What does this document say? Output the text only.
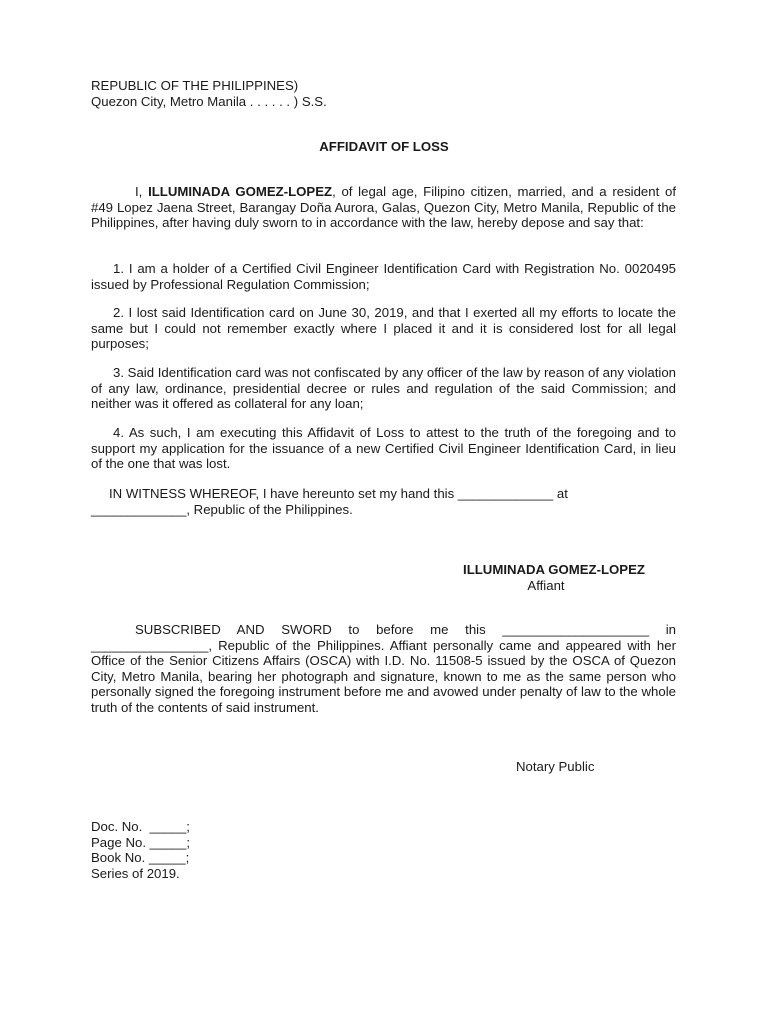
REPUBLIC OF THE PHILIPPINES)
Quezon City, Metro Manila . . . . . . ) S.S.
AFFIDAVIT OF LOSS

I, ILLUMINADA GOMEZ-LOPEZ, of legal age, Filipino citizen, married, and a resident of #49 Lopez Jaena Street, Barangay Doña Aurora, Galas, Quezon City, Metro Manila, Republic of the Philippines, after having duly sworn to in accordance with the law, hereby depose and say that:

1. I am a holder of a Certified Civil Engineer Identification Card with Registration No. 0020495 issued by Professional Regulation Commission;

2. I lost said Identification card on June 30, 2019, and that I exerted all my efforts to locate the same but I could not remember exactly where I placed it and it is considered lost for all legal purposes;

3. Said Identification card was not confiscated by any officer of the law by reason of any violation of any law, ordinance, presidential decree or rules and regulation of the said Commission; and neither was it offered as collateral for any loan;

4. As such, I am executing this Affidavit of Loss to attest to the truth of the foregoing and to support my application for the issuance of a new Certified Civil Engineer Identification Card, in lieu of the one that was lost.

IN WITNESS WHEREOF, I have hereunto set my hand this _____________ at _____________, Republic of the Philippines.

ILLUMINADA GOMEZ-LOPEZ
Affiant

SUBSCRIBED AND SWORD to before me this ____________________ in ________________, Republic of the Philippines. Affiant personally came and appeared with her Office of the Senior Citizens Affairs (OSCA) with I.D. No. 11508-5 issued by the OSCA of Quezon City, Metro Manila, bearing her photograph and signature, known to me as the same person who personally signed the foregoing instrument before me and avowed under penalty of law to the whole truth of the contents of said instrument.

Notary Public
Doc. No.  _____;
Page No. _____;
Book No. _____;
Series of 2019.
